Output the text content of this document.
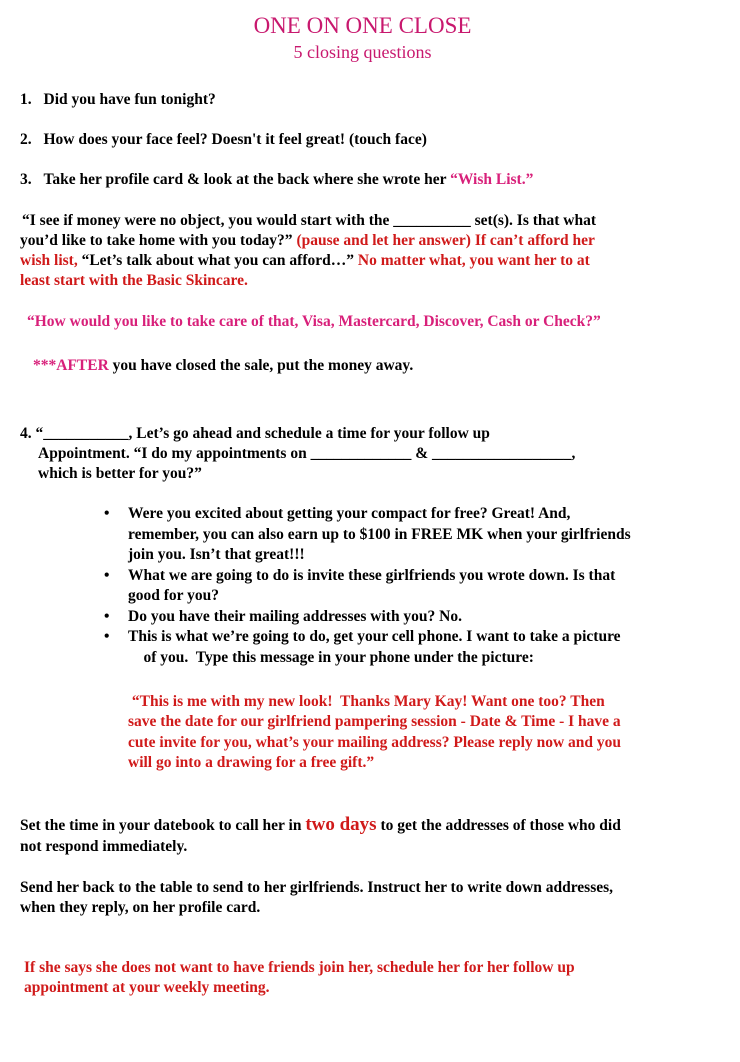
ONE ON ONE CLOSE
5 closing questions
1. Did you have fun tonight?
2. How does your face feel? Doesn't it feel great! (touch face)
3. Take her profile card & look at the back where she wrote her “Wish List.”
“I see if money were no object, you would start with the __________ set(s). Is that what
you’d like to take home with you today?” (pause and let her answer) If can’t afford her
wish list, “Let’s talk about what you can afford…” No matter what, you want her to at
least start with the Basic Skincare.
“How would you like to take care of that, Visa, Mastercard, Discover, Cash or Check?”
***AFTER you have closed the sale, put the money away.
4. “___________, Let’s go ahead and schedule a time for your follow up
Appointment. “I do my appointments on _____________ & __________________,
which is better for you?”
• Were you excited about getting your compact for free? Great! And,
remember, you can also earn up to $100 in FREE MK when your girlfriends
join you. Isn’t that great!!!
• What we are going to do is invite these girlfriends you wrote down. Is that
good for you?
• Do you have their mailing addresses with you? No.
• This is what we’re going to do, get your cell phone. I want to take a picture
of you.  Type this message in your phone under the picture:
“This is me with my new look!  Thanks Mary Kay! Want one too? Then
save the date for our girlfriend pampering session - Date & Time - I have a
cute invite for you, what’s your mailing address? Please reply now and you
will go into a drawing for a free gift.”
Set the time in your datebook to call her in two days to get the addresses of those who did
not respond immediately.
Send her back to the table to send to her girlfriends. Instruct her to write down addresses,
when they reply, on her profile card.
If she says she does not want to have friends join her, schedule her for her follow up
appointment at your weekly meeting.
